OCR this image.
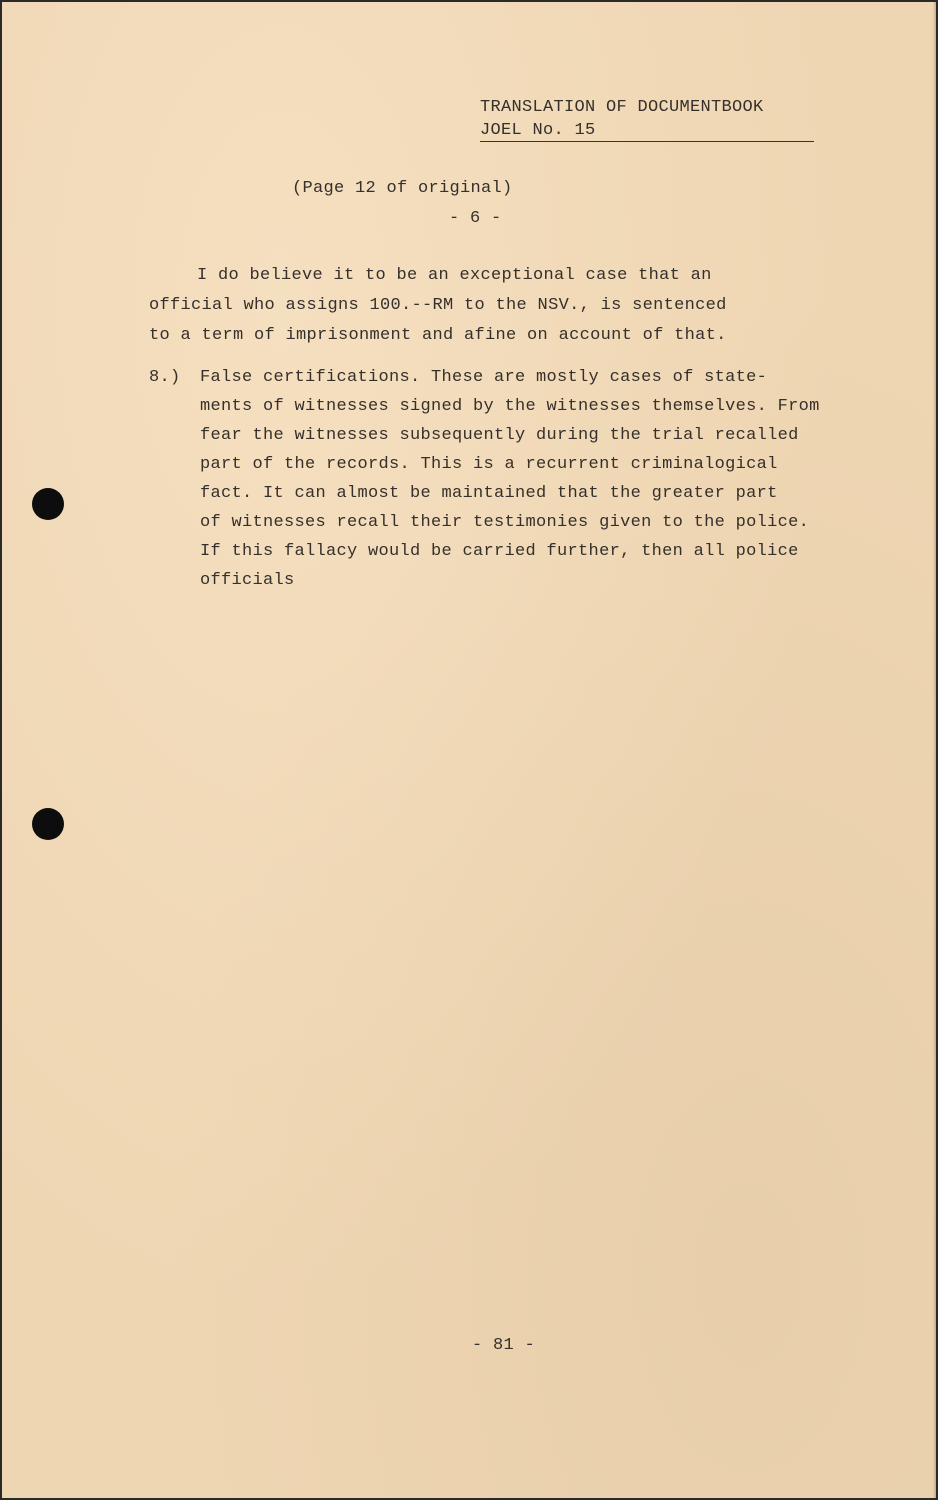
TRANSLATION OF DOCUMENTBOOK
JOEL No. 15
(Page 12 of original)
- 6 -
I do believe it to be an exceptional case that an
official who assigns 100.--RM to the NSV., is sentenced
to a term of imprisonment and afine on account of that.
8.) False certifications. These are mostly cases of state-
ments of witnesses signed by the witnesses themselves. From
fear the witnesses subsequently during the trial recalled
part of the records. This is a recurrent criminalogical
fact. It can almost be maintained that the greater part
of witnesses recall their testimonies given to the police.
If this fallacy would be carried further, then all police
officials
- 81 -
